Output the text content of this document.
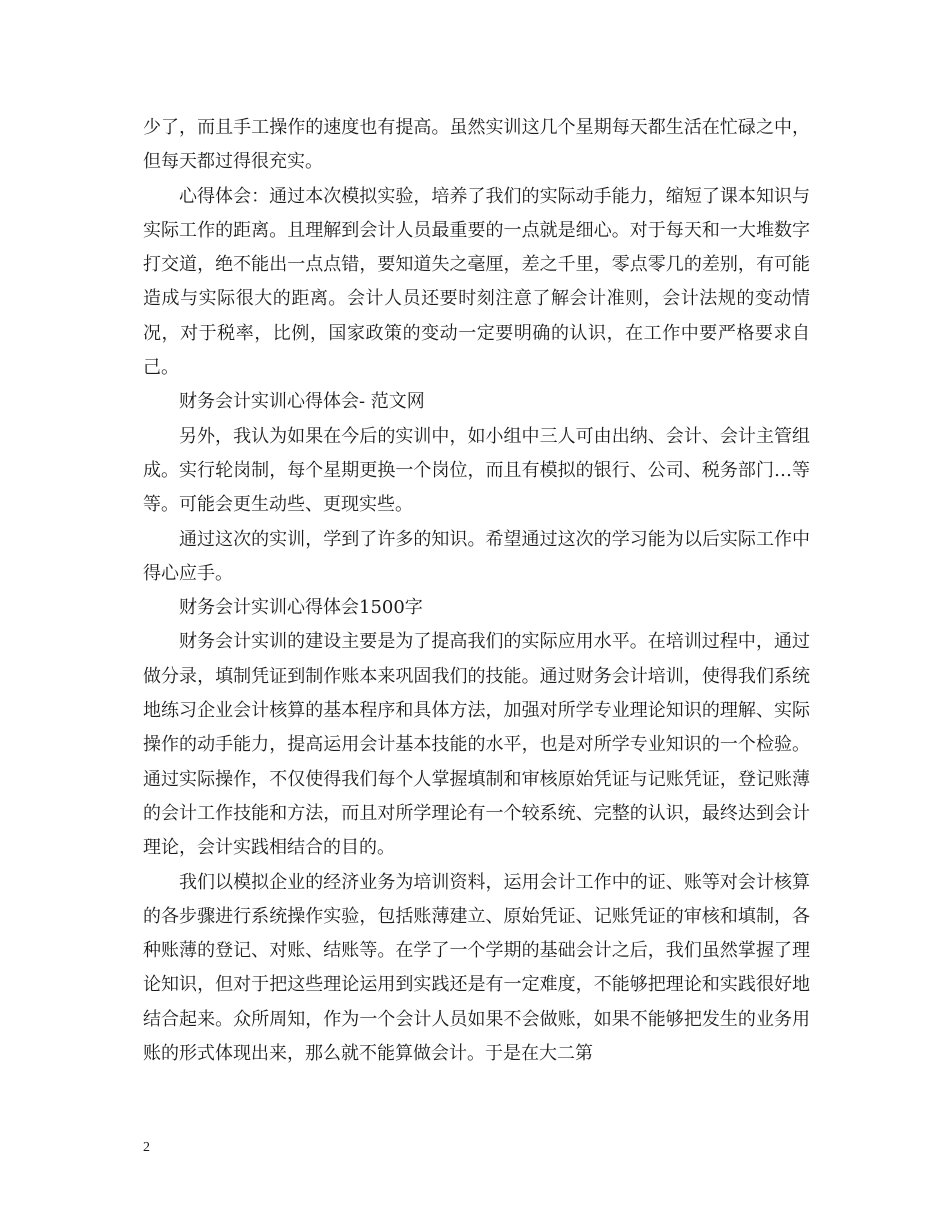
少了，而且手工操作的速度也有提高。虽然实训这几个星期每天都生活在忙碌之中，但每天都过得很充实。

心得体会：通过本次模拟实验，培养了我们的实际动手能力，缩短了课本知识与实际工作的距离。且理解到会计人员最重要的一点就是细心。对于每天和一大堆数字打交道，绝不能出一点点错，要知道失之毫厘，差之千里，零点零几的差别，有可能造成与实际很大的距离。会计人员还要时刻注意了解会计准则，会计法规的变动情况，对于税率，比例，国家政策的变动一定要明确的认识，在工作中要严格要求自己。

财务会计实训心得体会- 范文网

另外，我认为如果在今后的实训中，如小组中三人可由出纳、会计、会计主管组成。实行轮岗制，每个星期更换一个岗位，而且有模拟的银行、公司、税务部门…等等。可能会更生动些、更现实些。

通过这次的实训，学到了许多的知识。希望通过这次的学习能为以后实际工作中得心应手。

财务会计实训心得体会1500字

财务会计实训的建设主要是为了提高我们的实际应用水平。在培训过程中，通过做分录，填制凭证到制作账本来巩固我们的技能。通过财务会计培训，使得我们系统地练习企业会计核算的基本程序和具体方法，加强对所学专业理论知识的理解、实际操作的动手能力，提高运用会计基本技能的水平，也是对所学专业知识的一个检验。通过实际操作，不仅使得我们每个人掌握填制和审核原始凭证与记账凭证，登记账薄的会计工作技能和方法，而且对所学理论有一个较系统、完整的认识，最终达到会计理论，会计实践相结合的目的。

我们以模拟企业的经济业务为培训资料，运用会计工作中的证、账等对会计核算的各步骤进行系统操作实验，包括账薄建立、原始凭证、记账凭证的审核和填制，各种账薄的登记、对账、结账等。在学了一个学期的基础会计之后，我们虽然掌握了理论知识，但对于把这些理论运用到实践还是有一定难度，不能够把理论和实践很好地结合起来。众所周知，作为一个会计人员如果不会做账，如果不能够把发生的业务用账的形式体现出来，那么就不能算做会计。于是在大二第

2
